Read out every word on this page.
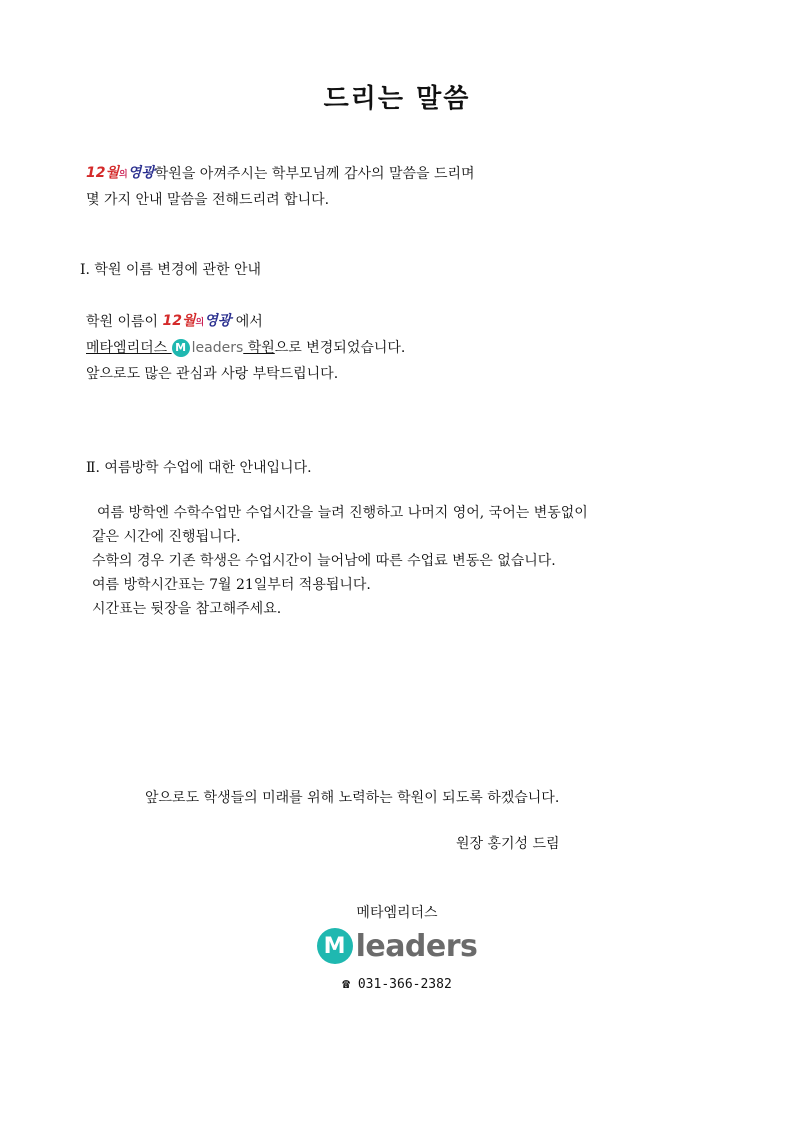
드리는 말씀
12월의영광학원을 아껴주시는 학부모님께 감사의 말씀을 드리며
몇 가지 안내 말씀을 전해드리려 합니다.
Ⅰ. 학원 이름 변경에 관한 안내
학원 이름이 12월의영광 에서
메타엠리더스 M leaders 학원으로 변경되었습니다.
앞으로도 많은 관심과 사랑 부탁드립니다.
Ⅱ. 여름방학 수업에 대한 안내입니다.
여름 방학엔 수학수업만 수업시간을 늘려 진행하고 나머지 영어, 국어는 변동없이
같은 시간에 진행됩니다.
수학의 경우 기존 학생은 수업시간이 늘어남에 따른 수업료 변동은 없습니다.
여름 방학시간표는 7월 21일부터 적용됩니다.
시간표는 뒷장을 참고해주세요.
앞으로도 학생들의 미래를 위해 노력하는 학원이 되도록 하겠습니다.
원장 홍기성 드림
메타엠리더스
M leaders
☎ 031-366-2382
